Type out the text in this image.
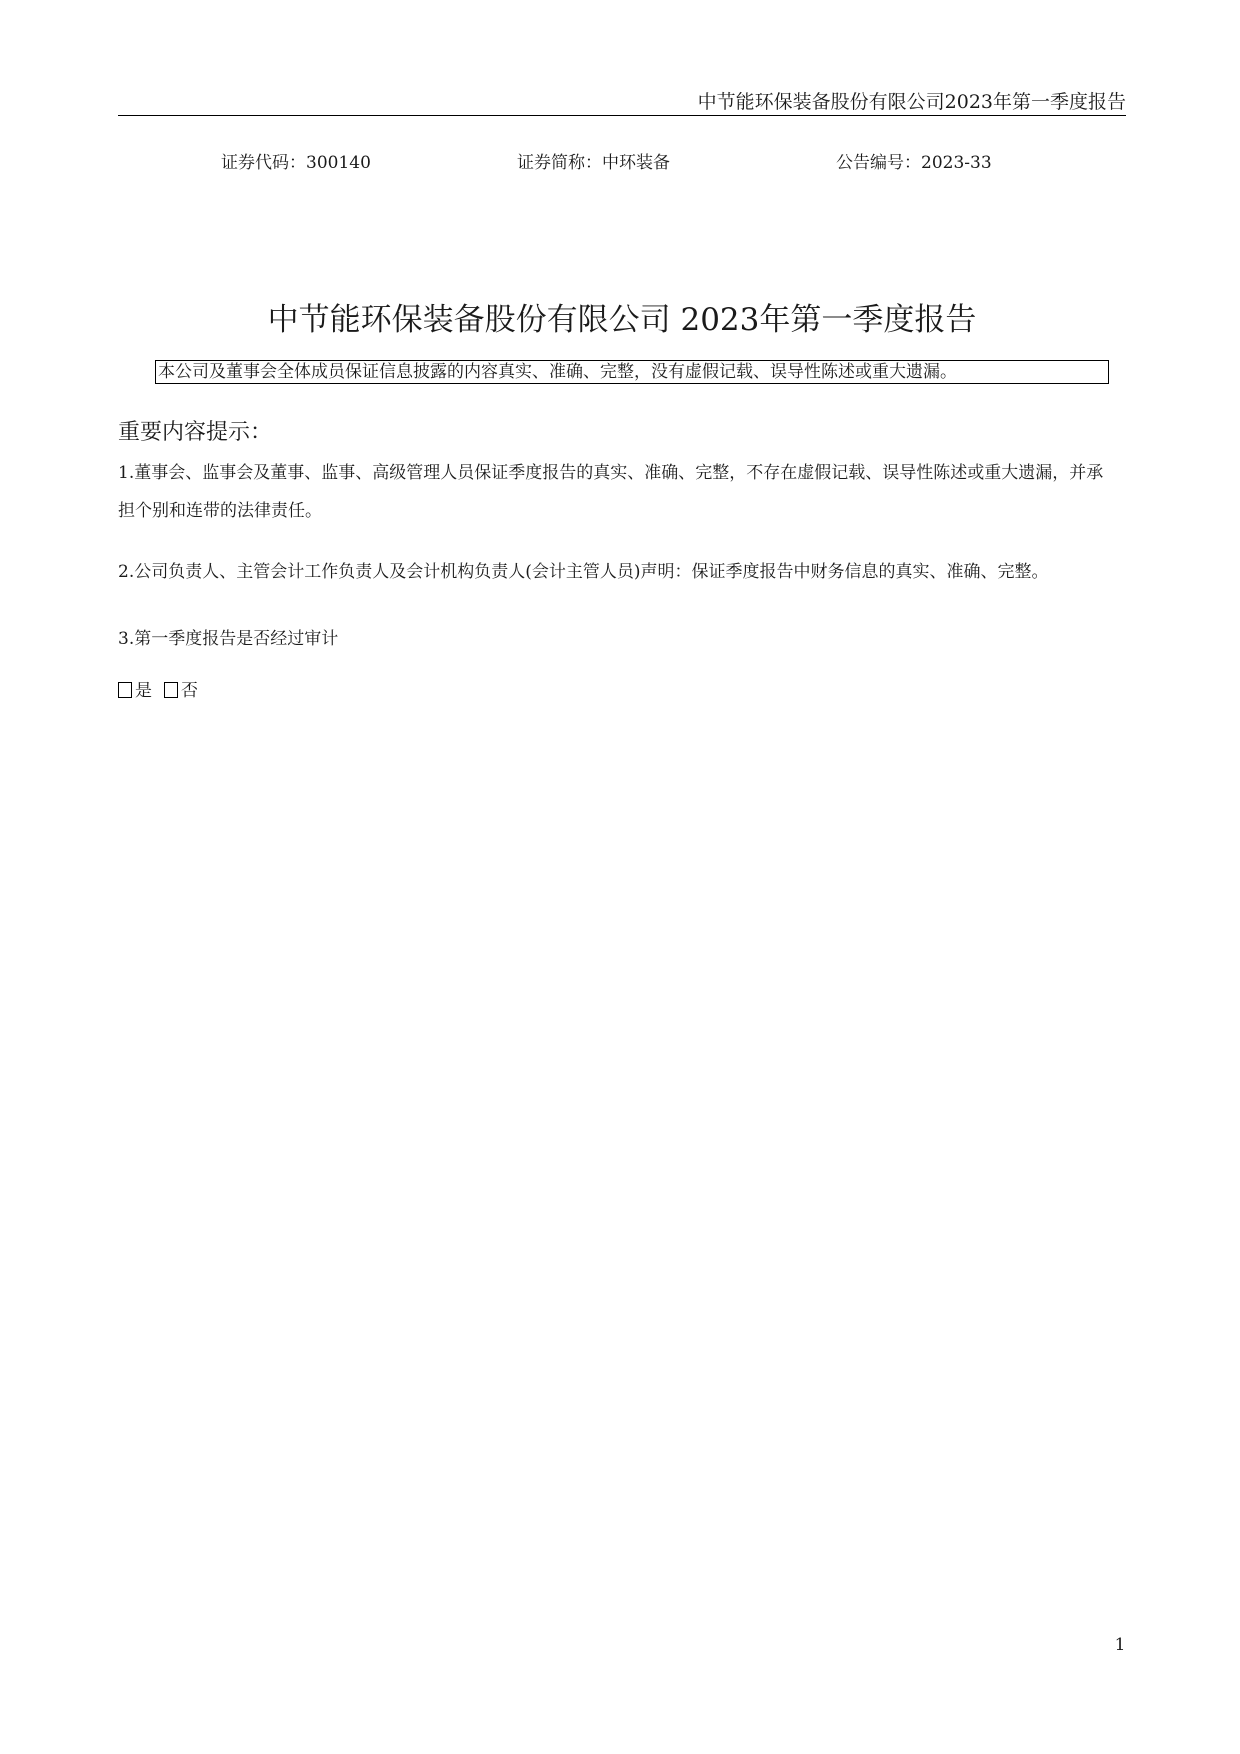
中节能环保装备股份有限公司2023年第一季度报告
证券代码：300140	证券简称：中环装备	公告编号：2023-33
中节能环保装备股份有限公司 2023年第一季度报告
本公司及董事会全体成员保证信息披露的内容真实、准确、完整，没有虚假记载、误导性陈述或重大遗漏。
重要内容提示：
1.董事会、监事会及董事、监事、高级管理人员保证季度报告的真实、准确、完整，不存在虚假记载、误导性陈述或重大遗漏，并承担个别和连带的法律责任。
2.公司负责人、主管会计工作负责人及会计机构负责人(会计主管人员)声明：保证季度报告中财务信息的真实、准确、完整。
3.第一季度报告是否经过审计
是 否
1
